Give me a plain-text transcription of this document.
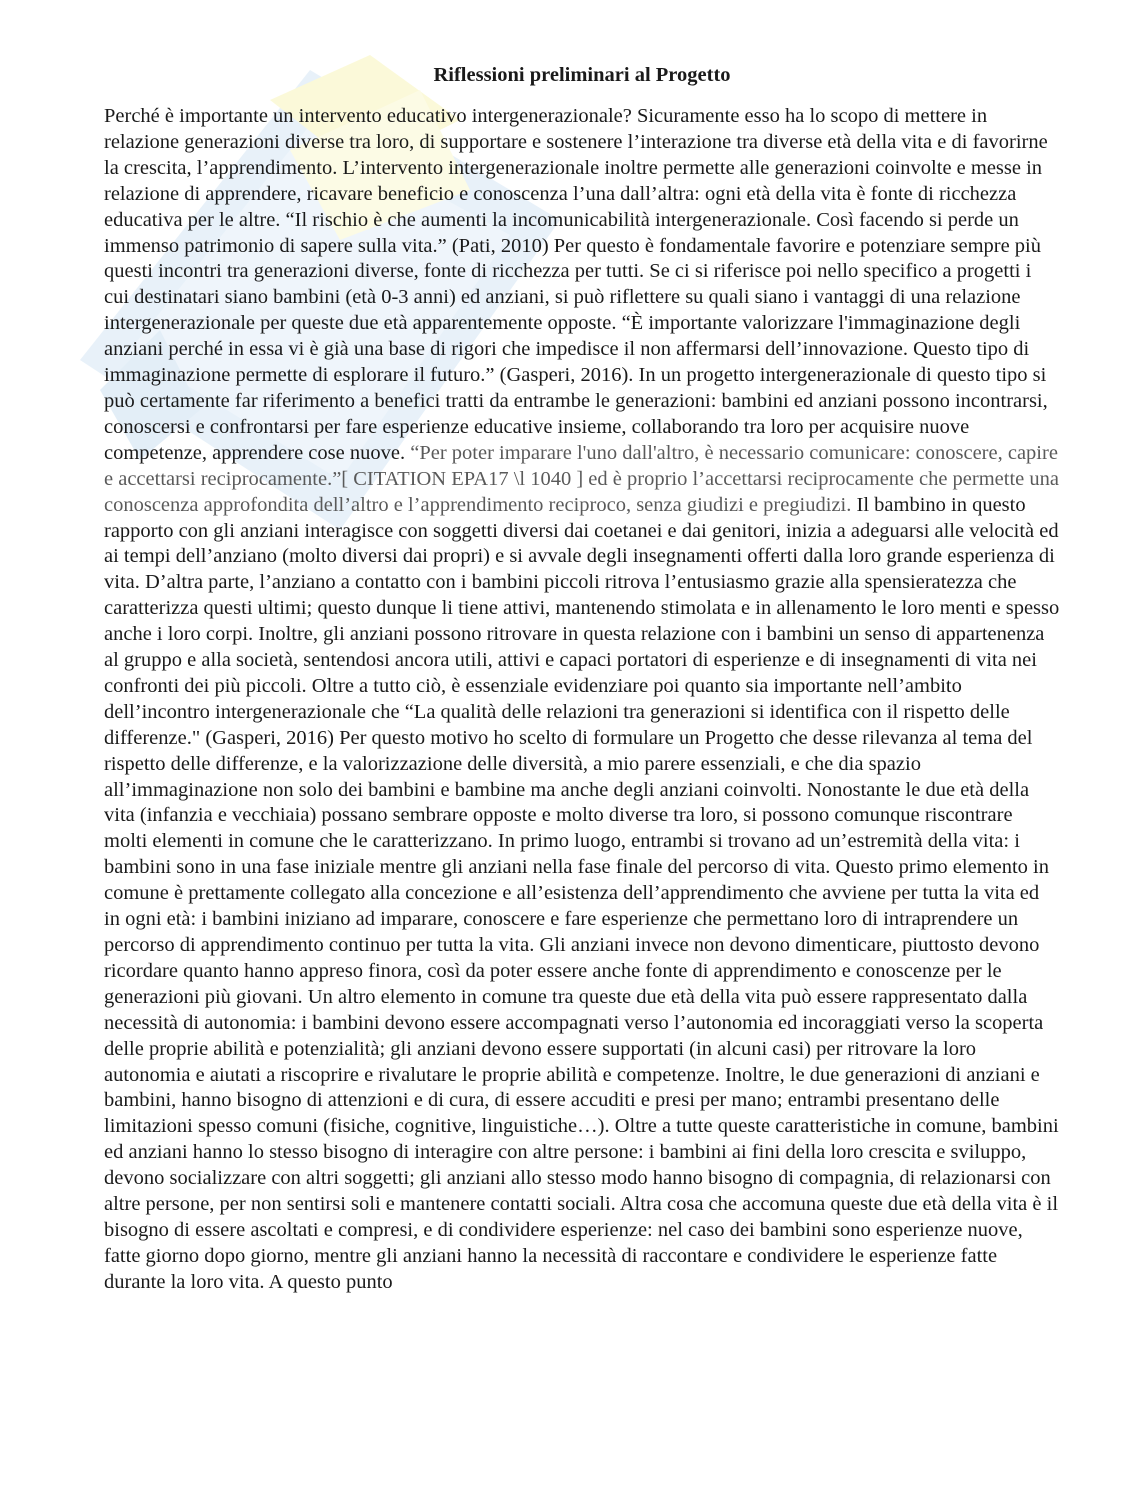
Riflessioni preliminari al Progetto

Perché è importante un intervento educativo intergenerazionale? Sicuramente esso ha lo scopo di mettere in relazione generazioni diverse tra loro, di supportare e sostenere l’interazione tra diverse età della vita e di favorirne la crescita, l’apprendimento. L’intervento intergenerazionale inoltre permette alle generazioni coinvolte e messe in relazione di apprendere, ricavare beneficio e conoscenza l’una dall’altra: ogni età della vita è fonte di ricchezza educativa per le altre. “Il rischio è che aumenti la incomunicabilità intergenerazionale. Così facendo si perde un immenso patrimonio di sapere sulla vita.” (Pati, 2010) Per questo è fondamentale favorire e potenziare sempre più questi incontri tra generazioni diverse, fonte di ricchezza per tutti. Se ci si riferisce poi nello specifico a progetti i cui destinatari siano bambini (età 0-3 anni) ed anziani, si può riflettere su quali siano i vantaggi di una relazione intergenerazionale per queste due età apparentemente opposte. “È importante valorizzare l'immaginazione degli anziani perché in essa vi è già una base di rigori che impedisce il non affermarsi dell’innovazione. Questo tipo di immaginazione permette di esplorare il futuro.” (Gasperi, 2016). In un progetto intergenerazionale di questo tipo si può certamente far riferimento a benefici tratti da entrambe le generazioni: bambini ed anziani possono incontrarsi, conoscersi e confrontarsi per fare esperienze educative insieme, collaborando tra loro per acquisire nuove competenze, apprendere cose nuove. “Per poter imparare l'uno dall'altro, è necessario comunicare: conoscere, capire e accettarsi reciprocamente.”[ CITATION EPA17 \l 1040 ] ed è proprio l’accettarsi reciprocamente che permette una conoscenza approfondita dell’altro e l’apprendimento reciproco, senza giudizi e pregiudizi. Il bambino in questo rapporto con gli anziani interagisce con soggetti diversi dai coetanei e dai genitori, inizia a adeguarsi alle velocità ed ai tempi dell’anziano (molto diversi dai propri) e si avvale degli insegnamenti offerti dalla loro grande esperienza di vita. D’altra parte, l’anziano a contatto con i bambini piccoli ritrova l’entusiasmo grazie alla spensieratezza che caratterizza questi ultimi; questo dunque li tiene attivi, mantenendo stimolata e in allenamento le loro menti e spesso anche i loro corpi. Inoltre, gli anziani possono ritrovare in questa relazione con i bambini un senso di appartenenza al gruppo e alla società, sentendosi ancora utili, attivi e capaci portatori di esperienze e di insegnamenti di vita nei confronti dei più piccoli. Oltre a tutto ciò, è essenziale evidenziare poi quanto sia importante nell’ambito dell’incontro intergenerazionale che “La qualità delle relazioni tra generazioni si identifica con il rispetto delle differenze." (Gasperi, 2016) Per questo motivo ho scelto di formulare un Progetto che desse rilevanza al tema del rispetto delle differenze, e la valorizzazione delle diversità, a mio parere essenziali, e che dia spazio all’immaginazione non solo dei bambini e bambine ma anche degli anziani coinvolti. Nonostante le due età della vita (infanzia e vecchiaia) possano sembrare opposte e molto diverse tra loro, si possono comunque riscontrare molti elementi in comune che le caratterizzano. In primo luogo, entrambi si trovano ad un’estremità della vita: i bambini sono in una fase iniziale mentre gli anziani nella fase finale del percorso di vita. Questo primo elemento in comune è prettamente collegato alla concezione e all’esistenza dell’apprendimento che avviene per tutta la vita ed in ogni età: i bambini iniziano ad imparare, conoscere e fare esperienze che permettano loro di intraprendere un percorso di apprendimento continuo per tutta la vita. Gli anziani invece non devono dimenticare, piuttosto devono ricordare quanto hanno appreso finora, così da poter essere anche fonte di apprendimento e conoscenze per le generazioni più giovani. Un altro elemento in comune tra queste due età della vita può essere rappresentato dalla necessità di autonomia: i bambini devono essere accompagnati verso l’autonomia ed incoraggiati verso la scoperta delle proprie abilità e potenzialità; gli anziani devono essere supportati (in alcuni casi) per ritrovare la loro autonomia e aiutati a riscoprire e rivalutare le proprie abilità e competenze. Inoltre, le due generazioni di anziani e bambini, hanno bisogno di attenzioni e di cura, di essere accuditi e presi per mano; entrambi presentano delle limitazioni spesso comuni (fisiche, cognitive, linguistiche…). Oltre a tutte queste caratteristiche in comune, bambini ed anziani hanno lo stesso bisogno di interagire con altre persone: i bambini ai fini della loro crescita e sviluppo, devono socializzare con altri soggetti; gli anziani allo stesso modo hanno bisogno di compagnia, di relazionarsi con altre persone, per non sentirsi soli e mantenere contatti sociali. Altra cosa che accomuna queste due età della vita è il bisogno di essere ascoltati e compresi, e di condividere esperienze: nel caso dei bambini sono esperienze nuove, fatte giorno dopo giorno, mentre gli anziani hanno la necessità di raccontare e condividere le esperienze fatte durante la loro vita. A questo punto
